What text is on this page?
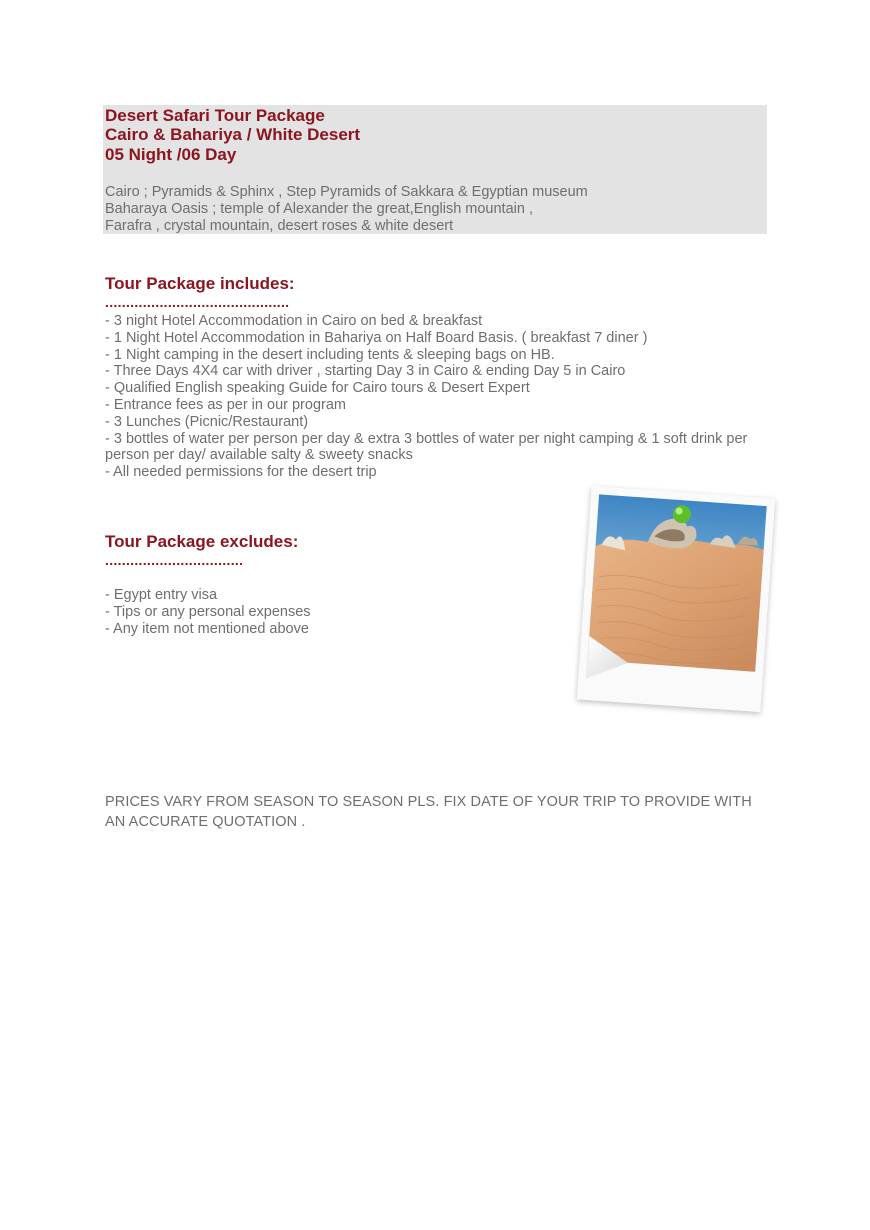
Desert Safari Tour Package
Cairo & Bahariya / White Desert
05 Night /06 Day
Cairo ; Pyramids & Sphinx , Step Pyramids of Sakkara & Egyptian museum
Baharaya Oasis ; temple of Alexander the great,English mountain ,
Farafra , crystal mountain, desert roses & white desert
Tour Package includes:
............................................
- 3 night Hotel Accommodation in Cairo on bed & breakfast
- 1 Night Hotel Accommodation in Bahariya on Half Board Basis. ( breakfast 7 diner )
- 1 Night camping in the desert including tents & sleeping bags on HB.
- Three Days 4X4 car with driver , starting Day 3 in Cairo & ending Day 5 in Cairo
- Qualified English speaking Guide for Cairo tours & Desert Expert
- Entrance fees as per in our program
- 3 Lunches (Picnic/Restaurant)
- 3 bottles of water per person per day & extra 3 bottles of water per night camping & 1 soft drink per
person per day/ available salty & sweety snacks
- All needed permissions for the desert trip
Tour Package excludes:
.................................
- Egypt entry visa
- Tips or any personal expenses
- Any item not mentioned above
PRICES VARY FROM SEASON TO SEASON PLS. FIX DATE OF YOUR TRIP TO PROVIDE WITH AN ACCURATE QUOTATION .
